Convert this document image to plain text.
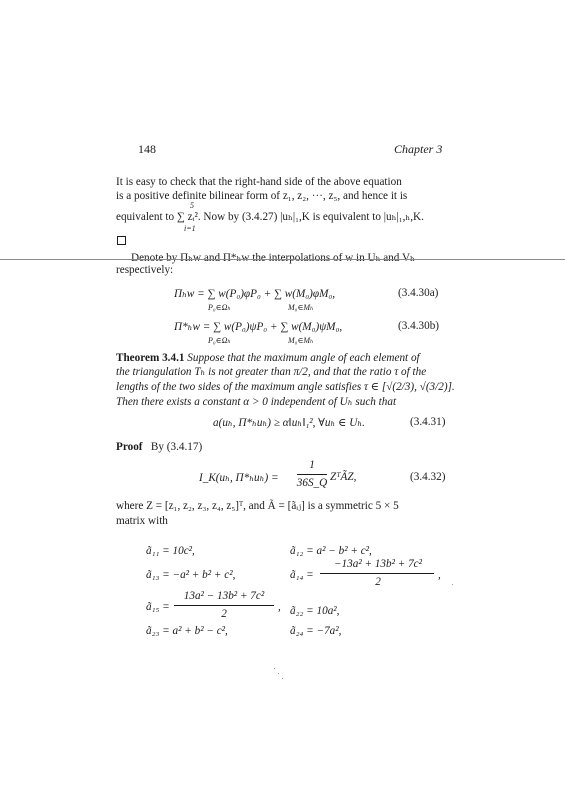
148	Chapter 3
It is easy to check that the right-hand side of the above equation
is a positive definite bilinear form of z₁, z₂, ···, z₅, and hence it is
5
equivalent to ∑ zᵢ². Now by (3.4.27) |uₕ|₁,K is equivalent to |uₕ|₁,ₕ,K.
i=1
Denote by Πₕw and Π*ₕw the interpolations of w in Uₕ and Vₕ
respectively:
Πₕw = ∑ w(P₀)φP₀ + ∑ w(M₀)φM₀,
P₀∈Ωₕ	M₀∈Mₕ
(3.4.30a)
Π*ₕw = ∑ w(P₀)ψP₀ + ∑ w(M₀)ψM₀,
P₀∈Ωₕ	M₀∈Mₕ
(3.4.30b)
Theorem 3.4.1 Suppose that the maximum angle of each element of
the triangulation Tₕ is not greater than π/2, and that the ratio τ of the
lengths of the two sides of the maximum angle satisfies τ ∈ [√(2/3), √(3/2)].
Then there exists a constant α > 0 independent of Uₕ such that
a(uₕ, Π*ₕuₕ) ≥ α‖uₕ‖₁², ∀uₕ ∈ Uₕ.	(3.4.31)
Proof By (3.4.17)
I_K(uₕ, Π*ₕuₕ) =
1
36S_Q ZᵀÃZ,	(3.4.32)
where Z = [z₁, z₂, z₃, z₄, z₅]ᵀ, and Ã = [ãᵢⱼ] is a symmetric 5 × 5
matrix with
ã₁₁ = 10c²,	ã₁₂ = a² − b² + c²,
ã₁₃ = −a² + b² + c²,	ã₁₄ =
−13a² + 13b² + 7c²
2
,
ã₁₅ =
13a² − 13b² + 7c²
2
, ã₂₂ = 10a²,
ã₂₃ = a² + b² − c²,	ã₂₄ = −7a²,
